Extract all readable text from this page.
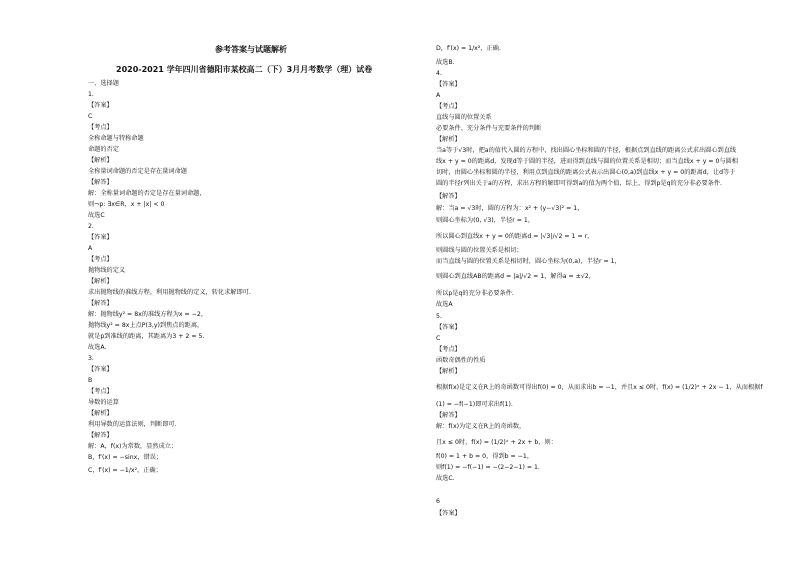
参考答案与试题解析
2020-2021 学年四川省德阳市某校高二（下）3月月考数学（理）试卷
一、选择题
1.
【答案】
C
【考点】
全称命题与特称命题
命题的否定
【解析】
全称量词命题的否定是存在量词命题
【解答】
解：全称量词命题的否定是存在量词命题，
则¬p: ∃x∈R，x + |x| < 0
故选C
2.
【答案】
A
【考点】
抛物线的定义
【解析】
求出抛物线的准线方程，利用抛物线的定义，转化求解即可.
【解答】
解：抛物线y² = 8x的准线方程为x = −2，
抛物线y² = 8x上点P(3,y)到焦点的距离，
就是p到准线的距离，其距离为3 + 2 = 5.
故选A.
3.
【答案】
B
【考点】
导数的运算
【解析】
利用导数的运算法则，判断即可.
【解答】
解：A，f(x)为常数，显然成立；
B，f′(x) = −sinx，错误；
C，f′(x) = −1/x²，正确；
D，f′(x) = 1/x²，正确.
故选B.
4.
【答案】
A
【考点】
直线与圆的位置关系
必要条件、充分条件与充要条件的判断
【解析】
当a等于√3时，把a的值代入圆的方程中，找出圆心坐标和圆的半径，根据点到直线的距离公式求出圆心到直线
线x + y = 0的距离d，发现d等于圆的半径，进而得到直线与圆的位置关系是相切；而当直线x + y = 0与圆相
切时，由圆心坐标和圆的半径，利用点到直线的距离公式表示出圆心(0,a)到直线x + y = 0的距离d，让d等于
圆的半径r列出关于a的方程，求出方程的解即可得到a的值为两个值，综上，得到p是q的充分非必要条件.
【解答】
解：当a = √3时，圆的方程为：x² + (y−√3)² = 1，
则圆心坐标为(0, √3)，半径r = 1，
所以圆心到直线x + y = 0的距离d = |√3|/√2 = 1 = r，
则圆线与圆的位置关系是相切；
而当直线与圆的位置关系是相切时，圆心坐标为(0,a)，半径r = 1，
则圆心到直线AB的距离d = |a|/√2 = 1，解得a = ±√2，
所以p是q的充分非必要条件.
故选A
5.
【答案】
C
【考点】
函数奇偶性的性质
【解析】
根据f(x)是定义在R上的奇函数可得出f(0) = 0，从而求出b = −1，并且x ≤ 0时，f(x) = (1/2)ˣ + 2x − 1，从而根据f
(1) = −f(−1)即可求出f(1).
【解答】
解：f(x)为定义在R上的奇函数，
且x ≤ 0时，f(x) = (1/2)ˣ + 2x + b，则：
f(0) = 1 + b = 0，得到b = −1，
则f(1) = −f(−1) = −(2−2−1) = 1.
故选C.
6
【答案】
